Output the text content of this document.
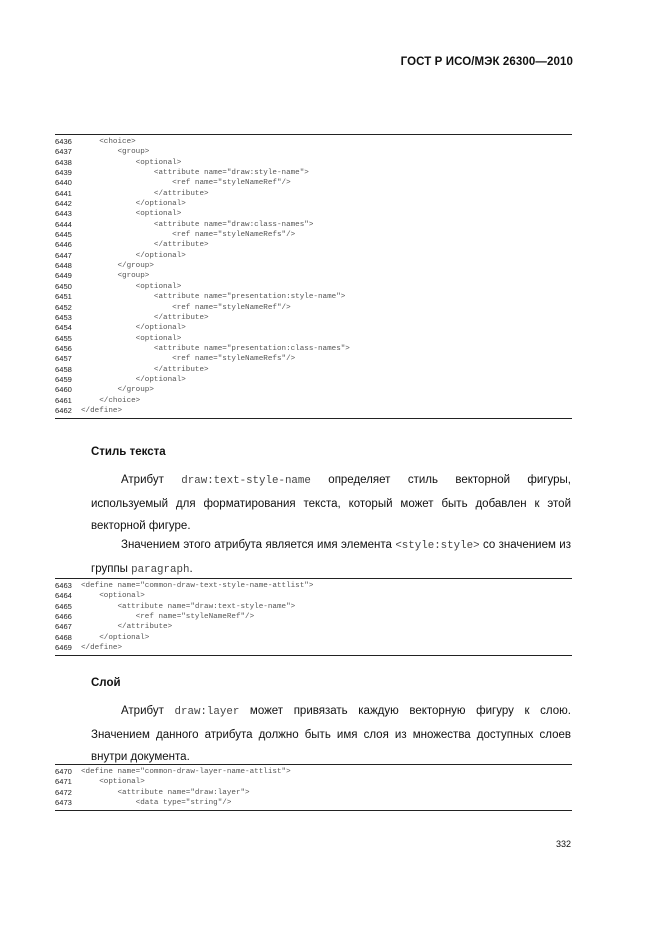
ГОСТ Р ИСО/МЭК 26300—2010
6436	<choice>
6437	<group>
6438	<optional>
6439	<attribute name="draw:style-name">
6440	<ref name="styleNameRef"/>
6441	</attribute>
6442	</optional>
6443	<optional>
6444	<attribute name="draw:class-names">
6445	<ref name="styleNameRefs"/>
6446	</attribute>
6447	</optional>
6448	</group>
6449	<group>
6450	<optional>
6451	<attribute name="presentation:style-name">
6452	<ref name="styleNameRef"/>
6453	</attribute>
6454	</optional>
6455	<optional>
6456	<attribute name="presentation:class-names">
6457	<ref name="styleNameRefs"/>
6458	</attribute>
6459	</optional>
6460	</group>
6461	</choice>
6462	</define>
Стиль текста
Атрибут draw:text-style-name определяет стиль векторной фигуры, используемый для форматирования текста, который может быть добавлен к этой векторной фигуре.
Значением этого атрибута является имя элемента <style:style> со значением из группы paragraph.
6463	<define name="common-draw-text-style-name-attlist">
6464	<optional>
6465	<attribute name="draw:text-style-name">
6466	<ref name="styleNameRef"/>
6467	</attribute>
6468	</optional>
6469	</define>
Слой
Атрибут draw:layer может привязать каждую векторную фигуру к слою. Значением данного атрибута должно быть имя слоя из множества доступных слоев внутри документа.
6470	<define name="common-draw-layer-name-attlist">
6471	<optional>
6472	<attribute name="draw:layer">
6473	<data type="string"/>
332
